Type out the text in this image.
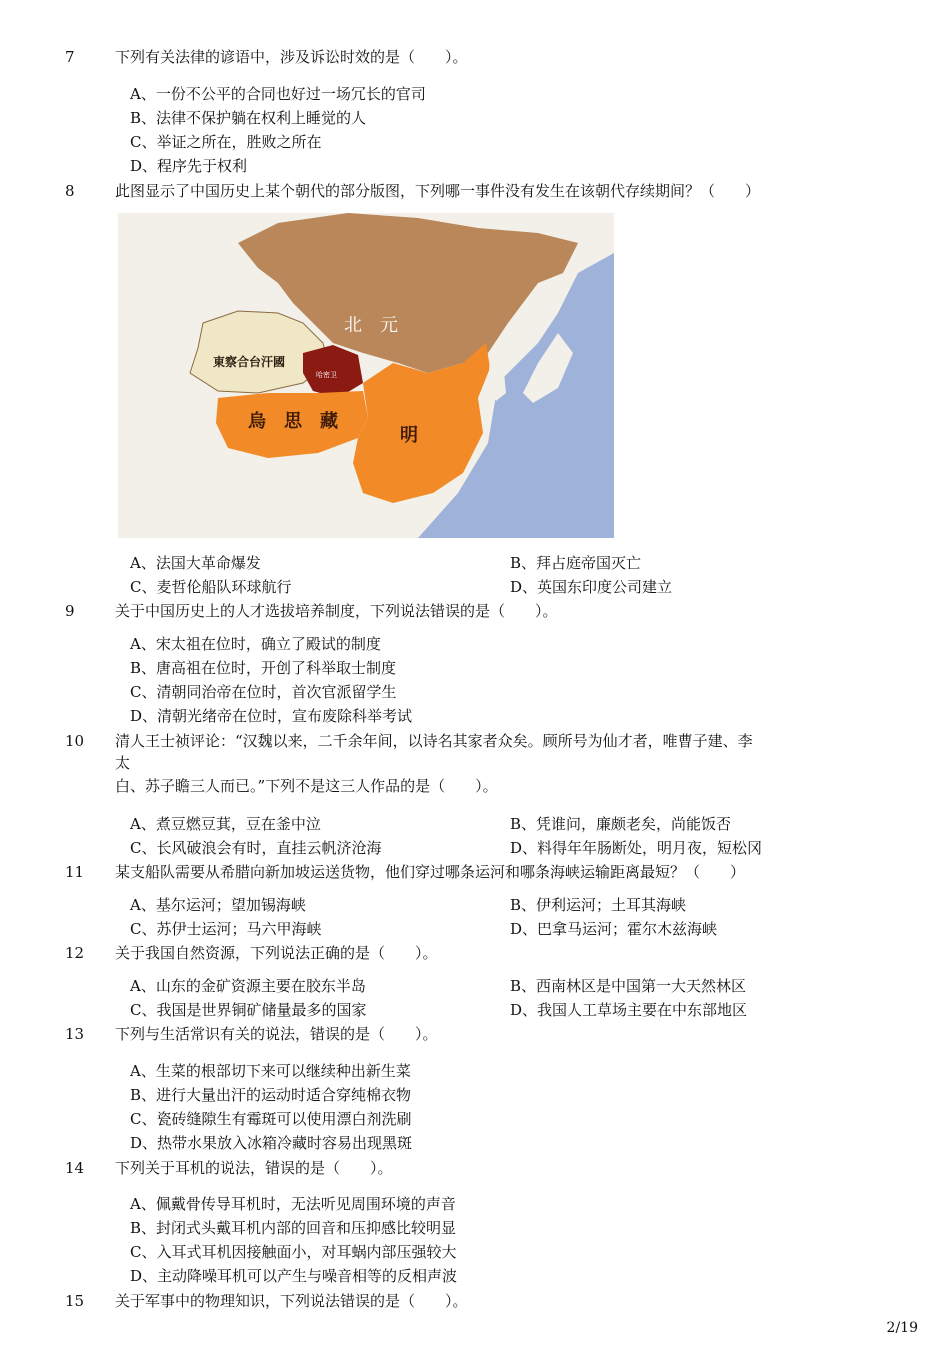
7	下列有关法律的谚语中，涉及诉讼时效的是（　　）。
A、一份不公平的合同也好过一场冗长的官司
B、法律不保护躺在权利上睡觉的人
C、举证之所在，胜败之所在
D、程序先于权利
8	此图显示了中国历史上某个朝代的部分版图，下列哪一事件没有发生在该朝代存续期间？（　　）
北　元
東察合台汗國
哈密卫
烏　思　藏
明
A、法国大革命爆发	B、拜占庭帝国灭亡
C、麦哲伦船队环球航行	D、英国东印度公司建立
9	关于中国历史上的人才选拔培养制度，下列说法错误的是（　　）。
A、宋太祖在位时，确立了殿试的制度
B、唐高祖在位时，开创了科举取士制度
C、清朝同治帝在位时，首次官派留学生
D、清朝光绪帝在位时，宣布废除科举考试
10 清人王士祯评论：“汉魏以来，二千余年间，以诗名其家者众矣。顾所号为仙才者，唯曹子建、李
太
白、苏子瞻三人而已。”下列不是这三人作品的是（　　）。
A、煮豆燃豆萁，豆在釜中泣	B、凭谁问，廉颇老矣，尚能饭否
C、长风破浪会有时，直挂云帆济沧海	D、料得年年肠断处，明月夜，短松冈
11 某支船队需要从希腊向新加坡运送货物，他们穿过哪条运河和哪条海峡运输距离最短？（　　）
A、基尔运河；望加锡海峡	B、伊利运河；土耳其海峡
C、苏伊士运河；马六甲海峡	D、巴拿马运河；霍尔木兹海峡
12 关于我国自然资源，下列说法正确的是（　　）。
A、山东的金矿资源主要在胶东半岛	B、西南林区是中国第一大天然林区
C、我国是世界铜矿储量最多的国家	D、我国人工草场主要在中东部地区
13 下列与生活常识有关的说法，错误的是（　　）。
A、生菜的根部切下来可以继续种出新生菜
B、进行大量出汗的运动时适合穿纯棉衣物
C、瓷砖缝隙生有霉斑可以使用漂白剂洗刷
D、热带水果放入冰箱冷藏时容易出现黑斑
14 下列关于耳机的说法，错误的是（　　）。
A、佩戴骨传导耳机时，无法听见周围环境的声音
B、封闭式头戴耳机内部的回音和压抑感比较明显
C、入耳式耳机因接触面小，对耳蜗内部压强较大
D、主动降噪耳机可以产生与噪音相等的反相声波
15 关于军事中的物理知识，下列说法错误的是（　　）。
2/19
